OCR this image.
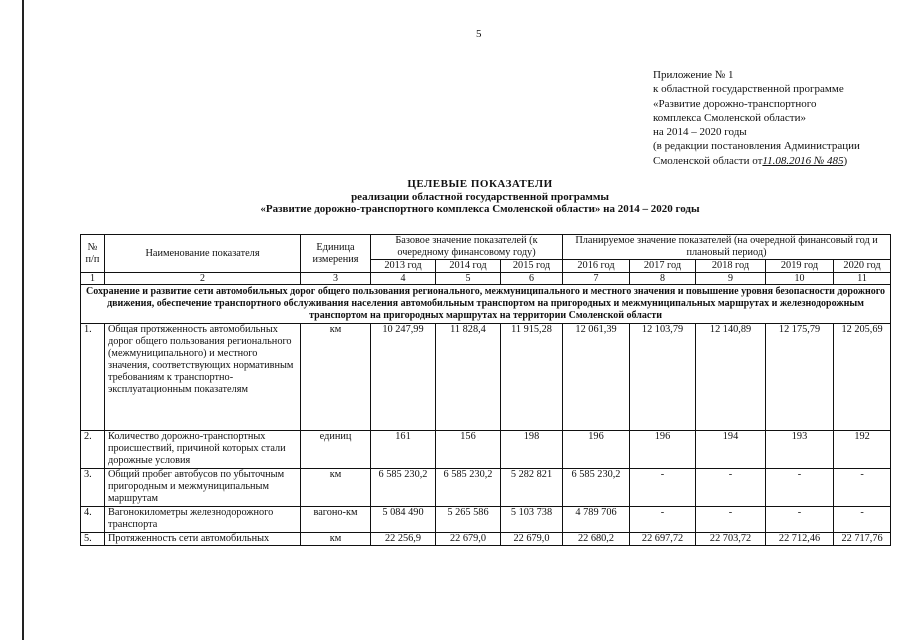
5
Приложение № 1
к областной государственной программе
«Развитие дорожно-транспортного
комплекса Смоленской области»
на 2014 – 2020 годы
(в редакции постановления Администрации
Смоленской области от11.08.2016 № 485)
ЦЕЛЕВЫЕ ПОКАЗАТЕЛИ
реализации областной государственной программы
«Развитие дорожно-транспортного комплекса Смоленской области» на 2014 – 2020 годы
№ п/п	Наименование показателя	Единица измерения	Базовое значение показателей (к очередному финансовому году)			Планируемое значение показателей (на очередной финансовый год и плановый период)				
			2013 год	2014 год	2015 год	2016 год	2017 год	2018 год	2019 год	2020 год
1	2	3	4	5	6	7	8	9	10	11
Сохранение и развитие сети автомобильных дорог общего пользования регионального, межмуниципального и местного значения и повышение уровня безопасности дорожного движения, обеспечение транспортного обслуживания населения автомобильным транспортом на пригородных и межмуниципальных маршрутах и железнодорожным транспортом на пригородных маршрутах на территории Смоленской области										
1.	Общая протяженность автомобильных дорог общего пользования регионального (межмуниципального) и местного значения, соответствующих нормативным требованиям к транспортно-эксплуатационным показателям	км	10 247,99	11 828,4	11 915,28	12 061,39	12 103,79	12 140,89	12 175,79	12 205,69
2.	Количество дорожно-транспортных происшествий, причиной которых стали дорожные условия	единиц	161	156	198	196	196	194	193	192
3.	Общий пробег автобусов по убыточным пригородным и межмуниципальным маршрутам	км	6 585 230,2	6 585 230,2	5 282 821	6 585 230,2	-	-	-	-
4.	Вагонокилометры железнодорожного транспорта	вагоно-км	5 084 490	5 265 586	5 103 738	4 789 706	-	-	-	-
5.	Протяженность сети автомобильных	км	22 256,9	22 679,0	22 679,0	22 680,2	22 697,72	22 703,72	22 712,46	22 717,76
